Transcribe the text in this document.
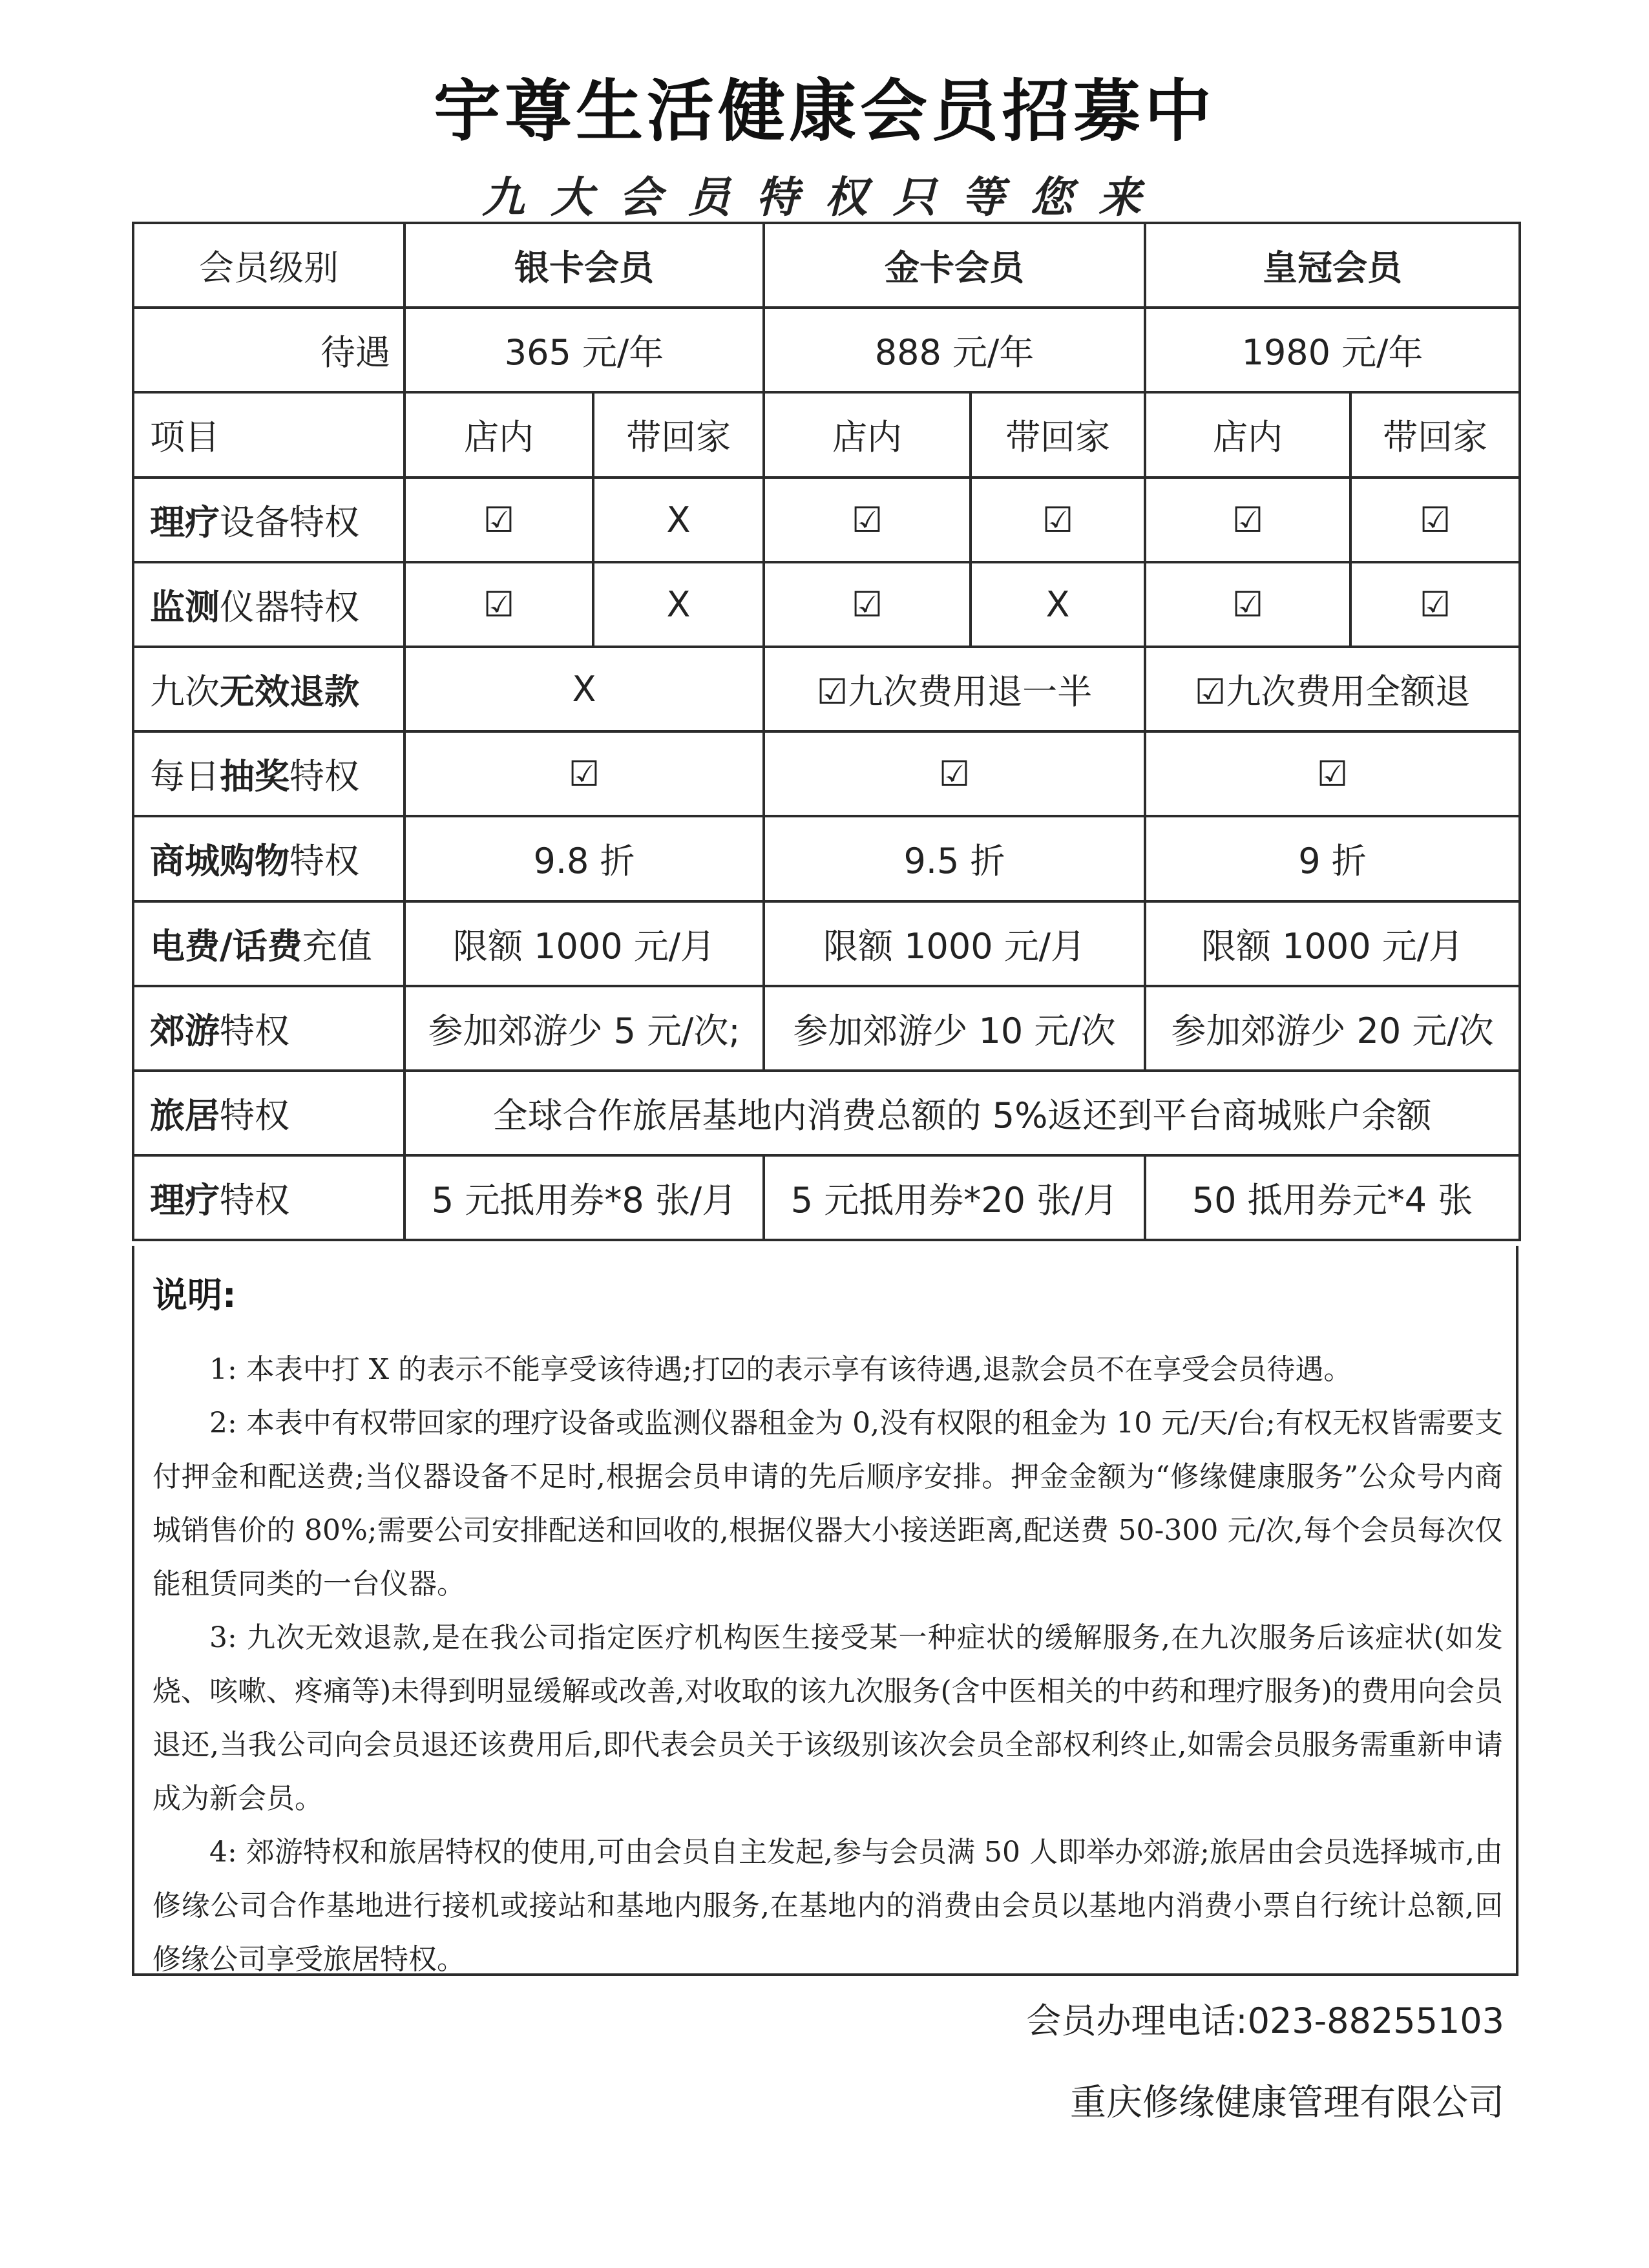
宇尊生活健康会员招募中
九大会员特权只等您来
会员级别	银卡会员		金卡会员		皇冠会员	
待遇	365 元/年		888 元/年		1980 元/年	
项目	店内	带回家	店内	带回家	店内	带回家
理疗设备特权	☑	X	☑	☑	☑	☑
监测仪器特权	☑	X	☑	X	☑	☑
九次无效退款	X		☑九次费用退一半		☑九次费用全额退	
每日抽奖特权	☑		☑		☑	
商城购物特权	9.8 折		9.5 折		9 折	
电费/话费充值	限额 1000 元/月		限额 1000 元/月		限额 1000 元/月	
郊游特权	参加郊游少 5 元/次;		参加郊游少 10 元/次		参加郊游少 20 元/次	
旅居特权	全球合作旅居基地内消费总额的 5%返还到平台商城账户余额					
理疗特权	5 元抵用券*8 张/月		5 元抵用券*20 张/月		50 抵用券元*4 张	
说明:

1: 本表中打 X 的表示不能享受该待遇;打☑的表示享有该待遇,退款会员不在享受会员待遇。

2: 本表中有权带回家的理疗设备或监测仪器租金为 0,没有权限的租金为 10 元/天/台;有权无权皆需要支付押金和配送费;当仪器设备不足时,根据会员申请的先后顺序安排。押金金额为“修缘健康服务”公众号内商城销售价的 80%;需要公司安排配送和回收的,根据仪器大小接送距离,配送费 50-300 元/次,每个会员每次仅能租赁同类的一台仪器。

3: 九次无效退款,是在我公司指定医疗机构医生接受某一种症状的缓解服务,在九次服务后该症状(如发烧、咳嗽、疼痛等)未得到明显缓解或改善,对收取的该九次服务(含中医相关的中药和理疗服务)的费用向会员退还,当我公司向会员退还该费用后,即代表会员关于该级别该次会员全部权利终止,如需会员服务需重新申请成为新会员。

4: 郊游特权和旅居特权的使用,可由会员自主发起,参与会员满 50 人即举办郊游;旅居由会员选择城市,由修缘公司合作基地进行接机或接站和基地内服务,在基地内的消费由会员以基地内消费小票自行统计总额,回修缘公司享受旅居特权。

会员办理电话:023-88255103
重庆修缘健康管理有限公司
